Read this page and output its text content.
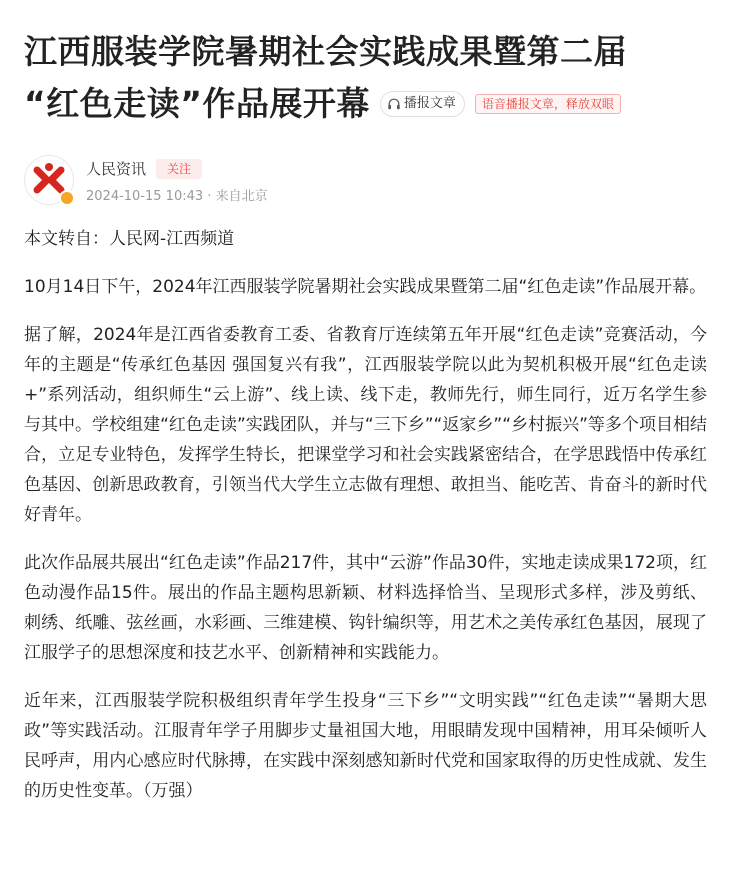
江西服装学院暑期社会实践成果暨第二届
“红色走读”作品展开幕	播报文章	语音播报文章，释放双眼
人民资讯	关注
2024-10-15 10:43 · 来自北京

本文转自：人民网-江西频道

10月14日下午，2024年江西服装学院暑期社会实践成果暨第二届“红色走读”作品展开幕。

据了解，2024年是江西省委教育工委、省教育厅连续第五年开展“红色走读”竞赛活动，今年的主题是“传承红色基因 强国复兴有我”，江西服装学院以此为契机积极开展“红色走读+”系列活动，组织师生“云上游”、线上读、线下走，教师先行，师生同行，近万名学生参与其中。学校组建“红色走读”实践团队，并与“三下乡”“返家乡”“乡村振兴”等多个项目相结合，立足专业特色，发挥学生特长，把课堂学习和社会实践紧密结合，在学思践悟中传承红色基因、创新思政教育，引领当代大学生立志做有理想、敢担当、能吃苦、肯奋斗的新时代好青年。

此次作品展共展出“红色走读”作品217件，其中“云游”作品30件，实地走读成果172项，红色动漫作品15件。展出的作品主题构思新颖、材料选择恰当、呈现形式多样，涉及剪纸、刺绣、纸雕、弦丝画，水彩画、三维建模、钩针编织等，用艺术之美传承红色基因，展现了江服学子的思想深度和技艺水平、创新精神和实践能力。

近年来，江西服装学院积极组织青年学生投身“三下乡”“文明实践”“红色走读”“暑期大思政”等实践活动。江服青年学子用脚步丈量祖国大地，用眼睛发现中国精神，用耳朵倾听人民呼声，用内心感应时代脉搏，在实践中深刻感知新时代党和国家取得的历史性成就、发生的历史性变革。（万强）
